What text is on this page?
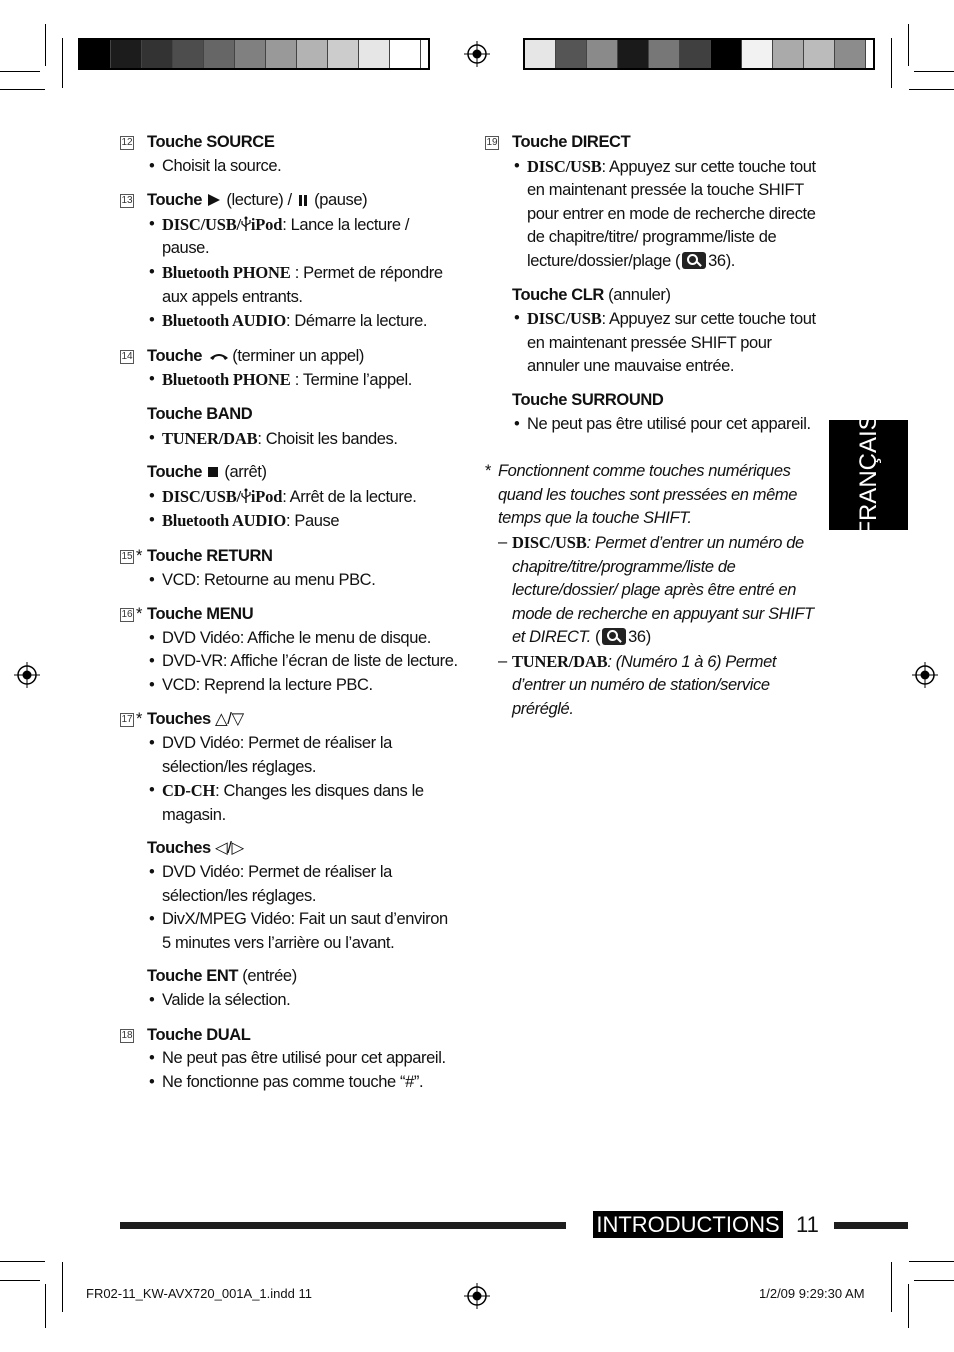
12 Touche SOURCE
• Choisit la source.
13 Touche (lecture) / (pause)
• DISC/USB/ iPod: Lance la lecture / pause.
• Bluetooth PHONE : Permet de répondre aux appels entrants.
• Bluetooth AUDIO: Démarre la lecture.
14 Touche (terminer un appel)
• Bluetooth PHONE : Termine l’appel.
Touche BAND
• TUNER/DAB: Choisit les bandes.
Touche (arrêt)
• DISC/USB/ iPod: Arrêt de la lecture.
• Bluetooth AUDIO: Pause
15 * Touche RETURN
• VCD: Retourne au menu PBC.
16 * Touche MENU
• DVD Vidéo: Affiche le menu de disque.
• DVD-VR: Affiche l’écran de liste de lecture.
• VCD: Reprend la lecture PBC.
17 * Touches △/▽
• DVD Vidéo: Permet de réaliser la sélection/les réglages.
• CD-CH: Changes les disques dans le magasin.
Touches ◁/▷
• DVD Vidéo: Permet de réaliser la sélection/les réglages.
• DivX/MPEG Vidéo: Fait un saut d’environ 5 minutes vers l’arrière ou l’avant.
Touche ENT (entrée)
• Valide la sélection.
18 Touche DUAL
• Ne peut pas être utilisé pour cet appareil.
• Ne fonctionne pas comme touche “#”.
19 Touche DIRECT
• DISC/USB: Appuyez sur cette touche tout en maintenant pressée la touche SHIFT pour entrer en mode de recherche directe de chapitre/titre/ programme/liste de lecture/dossier/plage ( 36).
Touche CLR (annuler)
• DISC/USB: Appuyez sur cette touche tout en maintenant pressée SHIFT pour annuler une mauvaise entrée.
Touche SURROUND
• Ne peut pas être utilisé pour cet appareil.
* Fonctionnent comme touches numériques quand les touches sont pressées en même temps que la touche SHIFT.
– DISC/USB: Permet d’entrer un numéro de chapitre/titre/programme/liste de lecture/dossier/ plage après être entré en mode de recherche en appuyant sur SHIFT et DIRECT. ( 36)
– TUNER/DAB: (Numéro 1 à 6) Permet d’entrer un numéro de station/service préréglé.
FRANÇAIS
INTRODUCTIONS 11
FR02-11_KW-AVX720_001A_1.indd 11	1/2/09 9:29:30 AM
